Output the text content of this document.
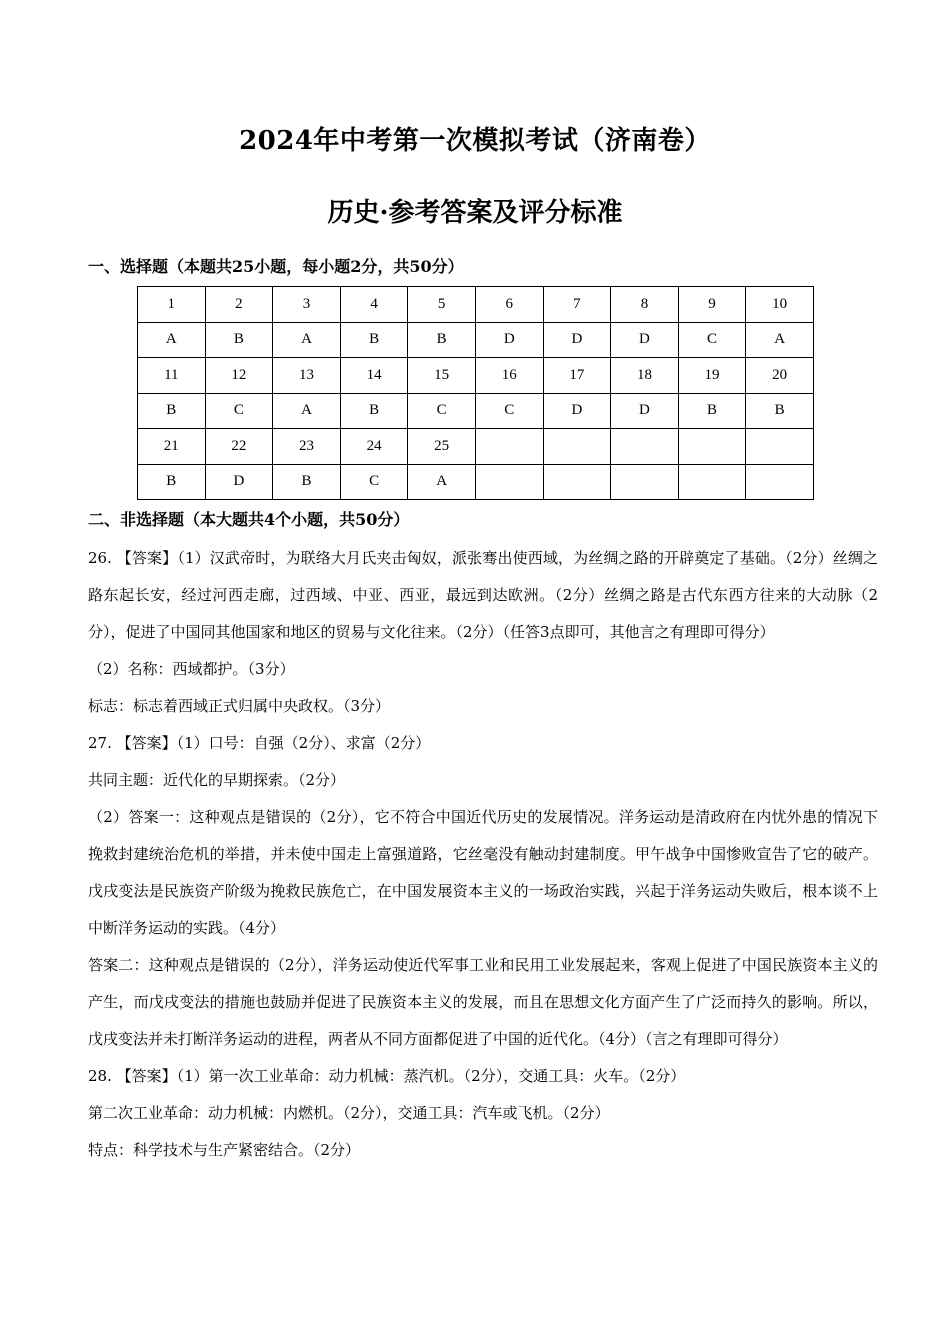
2024年中考第一次模拟考试（济南卷）
历史·参考答案及评分标准
一、选择题（本题共25小题，每小题2分，共50分）
1	2	3	4	5	6	7	8	9	10
A	B	A	B	B	D	D	D	C	A
11	12	13	14	15	16	17	18	19	20
B	C	A	B	C	C	D	D	B	B
21	22	23	24	25					
B	D	B	C	A					
二、非选择题（本大题共4个小题，共50分）

26. 【答案】（1）汉武帝时，为联络大月氏夹击匈奴，派张骞出使西域，为丝绸之路的开辟奠定了基础。（2分）丝绸之路东起长安，经过河西走廊，过西域、中亚、西亚，最远到达欧洲。（2分）丝绸之路是古代东西方往来的大动脉（2分），促进了中国同其他国家和地区的贸易与文化往来。（2分）（任答3点即可，其他言之有理即可得分）

（2）名称：西域都护。（3分）

标志：标志着西域正式归属中央政权。（3分）

27. 【答案】（1）口号：自强（2分）、求富（2分）

共同主题：近代化的早期探索。（2分）

（2）答案一：这种观点是错误的（2分），它不符合中国近代历史的发展情况。洋务运动是清政府在内忧外患的情况下挽救封建统治危机的举措，并未使中国走上富强道路，它丝毫没有触动封建制度。甲午战争中国惨败宣告了它的破产。戊戌变法是民族资产阶级为挽救民族危亡，在中国发展资本主义的一场政治实践，兴起于洋务运动失败后，根本谈不上中断洋务运动的实践。（4分）

答案二：这种观点是错误的（2分），洋务运动使近代军事工业和民用工业发展起来，客观上促进了中国民族资本主义的产生，而戊戌变法的措施也鼓励并促进了民族资本主义的发展，而且在思想文化方面产生了广泛而持久的影响。所以，戊戌变法并未打断洋务运动的进程，两者从不同方面都促进了中国的近代化。（4分）（言之有理即可得分）

28. 【答案】（1）第一次工业革命：动力机械：蒸汽机。（2分），交通工具：火车。（2分）

第二次工业革命：动力机械：内燃机。（2分），交通工具：汽车或飞机。（2分）

特点：科学技术与生产紧密结合。（2分）
